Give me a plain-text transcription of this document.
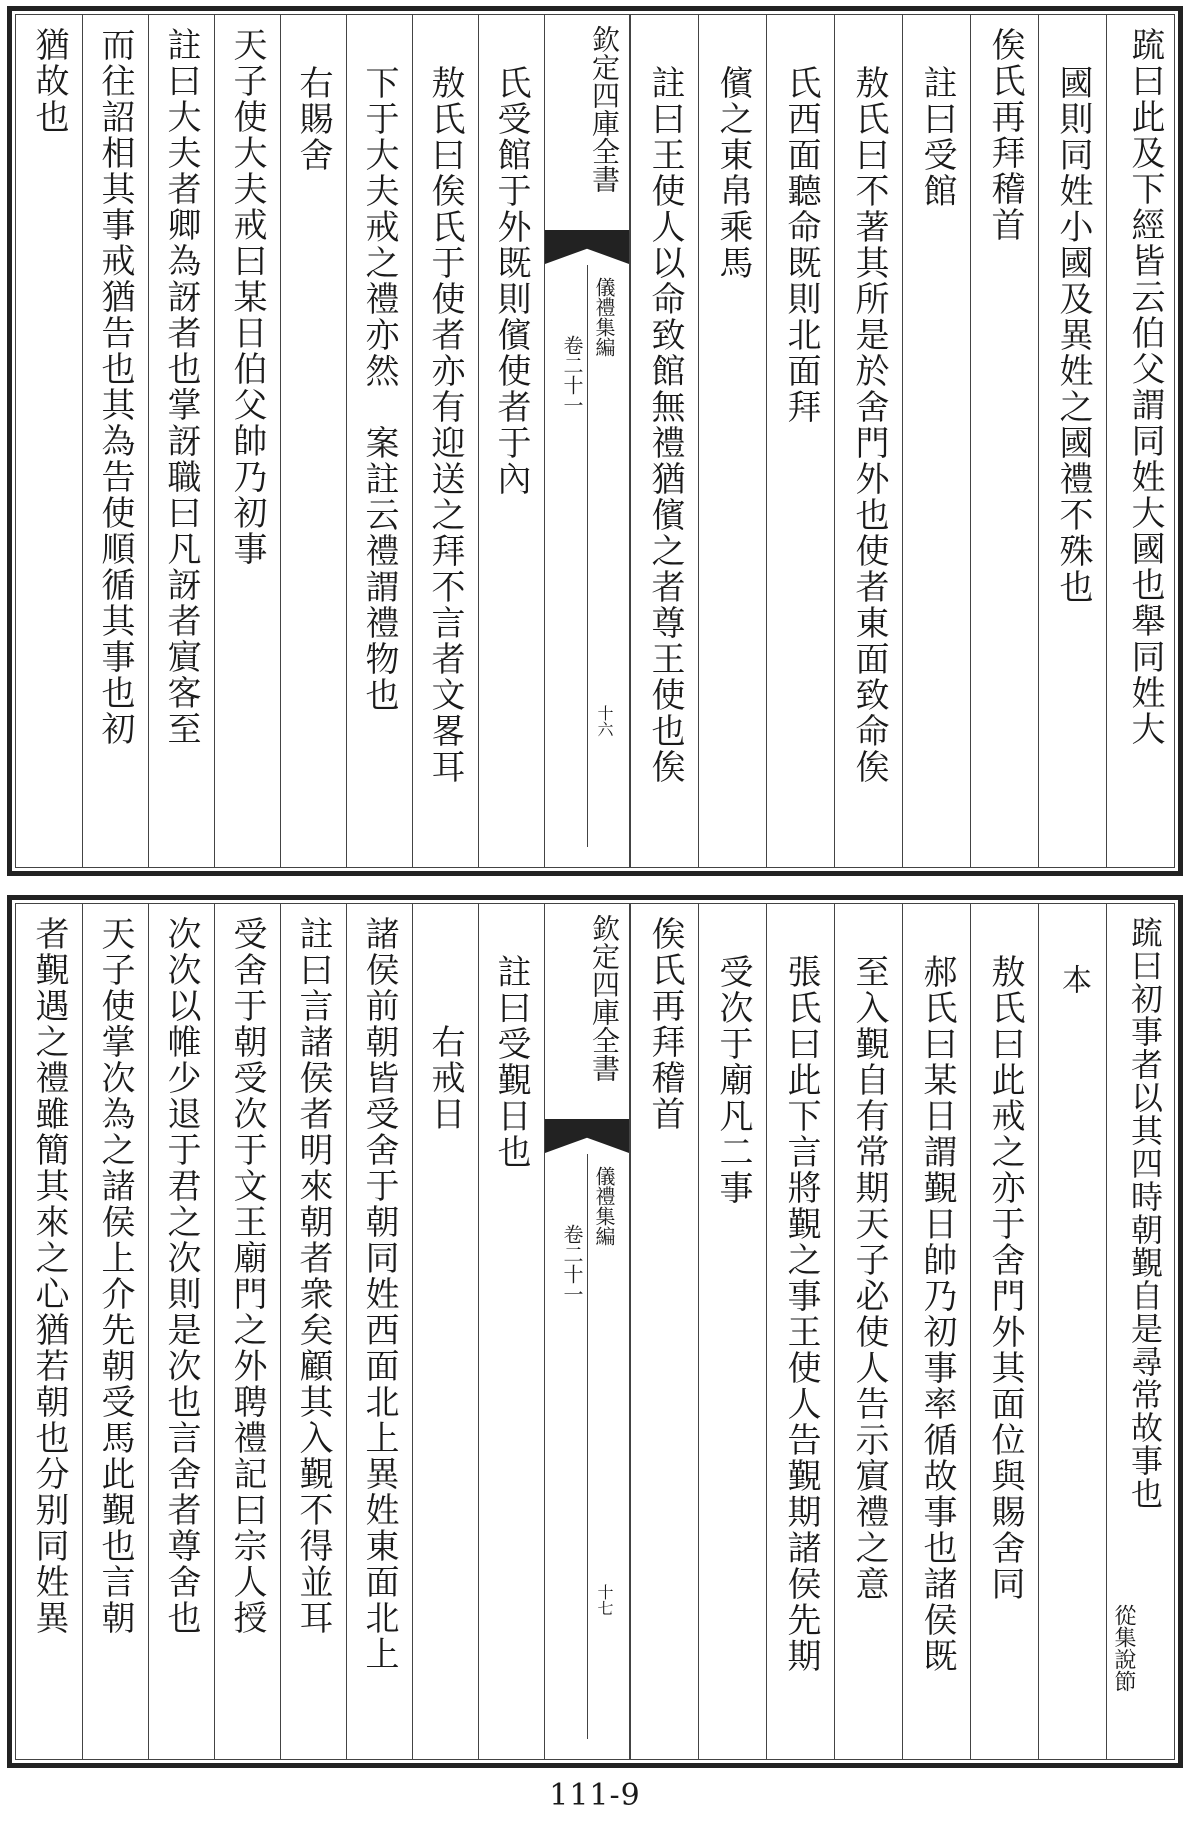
猶故也 而往詔相其事戒猶告也其為告使順循其事也初 註曰大夫者卿為訝者也掌訝職曰凡訝者賔客至 天子使大夫戒曰某日伯父帥乃初事 右賜舍 下于大夫戒之禮亦然　案註云禮謂禮物也 敖氏曰俟氏于使者亦有迎送之拜不言者文畧耳 氏受館于外既則儐使者于內	欽定四庫全書
儀禮集編
卷二十一
十六 註曰王使人以命致館無禮猶儐之者尊王使也俟 儐之東帛乘馬 氏西面聽命既則北面拜 敖氏曰不著其所是於舍門外也使者東面致命俟 註曰受館 俟氏再拜稽首 國則同姓小國及異姓之國禮不殊也 䟽曰此及下經皆云伯父謂同姓大國也舉同姓大
者覲遇之禮雖簡其來之心猶若朝也分别同姓異 天子使掌次為之諸侯上介先朝受馬此覲也言朝 次次以帷少退于君之次則是次也言舍者尊舍也 受舍于朝受次于文王廟門之外聘禮記曰宗人授 註曰言諸侯者明來朝者衆矣顧其入覲不得並耳 諸侯前朝皆受舍于朝同姓西面北上異姓東面北上 右戒日 註曰受覲日也	欽定四庫全書
儀禮集編
卷二十一
十七
俟氏再拜稽首 受次于廟凡二事 張氏曰此下言將覲之事王使人告覲期諸侯先期 至入覲自有常期天子必使人告示賔禮之意 郝氏曰某日謂覲日帥乃初事率循故事也諸侯既 敖氏曰此戒之亦于舍門外其面位與賜舍同	本	䟽曰初事者以其四時朝覲自是尋常故事也
從集說節
111-9
